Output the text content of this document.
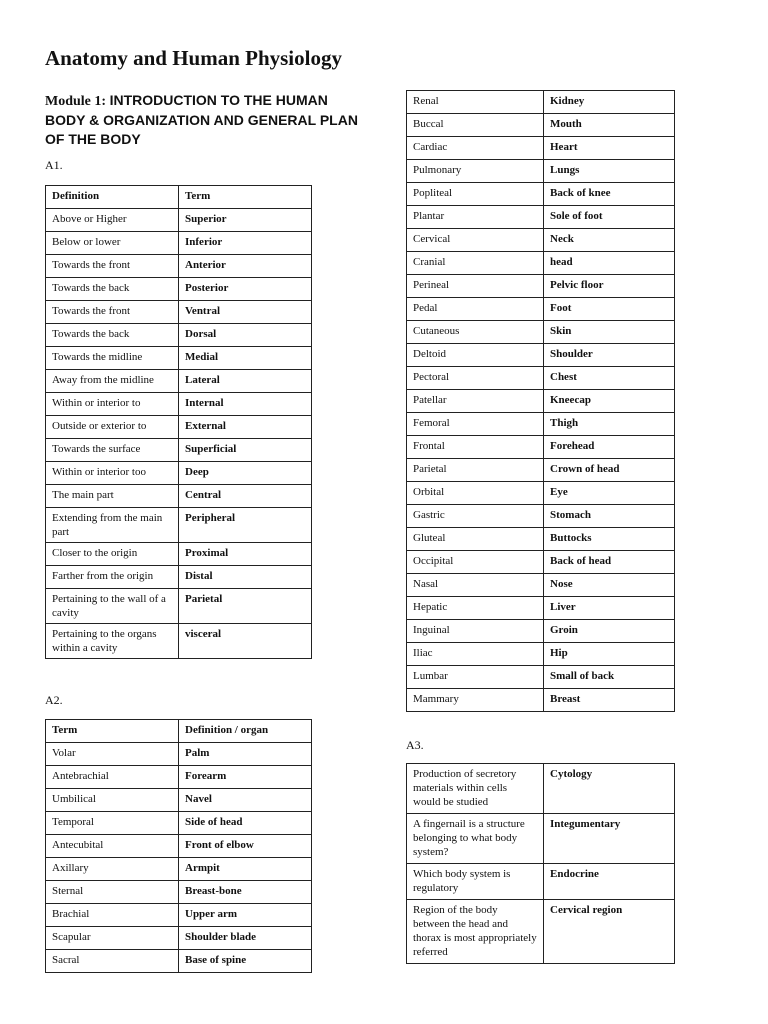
Anatomy and Human Physiology
Module 1: INTRODUCTION TO THE HUMAN BODY & ORGANIZATION AND GENERAL PLAN OF THE BODY
A1.
Definition	Term
Above or Higher	Superior
Below or lower	Inferior
Towards the front	Anterior
Towards the back	Posterior
Towards the front	Ventral
Towards the back	Dorsal
Towards the midline	Medial
Away from the midline	Lateral
Within or interior to	Internal
Outside or exterior to	External
Towards the surface	Superficial
Within or interior too	Deep
The main part	Central
Extending from the main part	Peripheral
Closer to the origin	Proximal
Farther from the origin	Distal
Pertaining to the wall of a cavity	Parietal
Pertaining to the organs within a cavity	visceral
A2.
Term	Definition / organ
Volar	Palm
Antebrachial	Forearm
Umbilical	Navel
Temporal	Side of head
Antecubital	Front of elbow
Axillary	Armpit
Sternal	Breast-bone
Brachial	Upper arm
Scapular	Shoulder blade
Sacral	Base of spine
Renal	Kidney
Buccal	Mouth
Cardiac	Heart
Pulmonary	Lungs
Popliteal	Back of knee
Plantar	Sole of foot
Cervical	Neck
Cranial	head
Perineal	Pelvic floor
Pedal	Foot
Cutaneous	Skin
Deltoid	Shoulder
Pectoral	Chest
Patellar	Kneecap
Femoral	Thigh
Frontal	Forehead
Parietal	Crown of head
Orbital	Eye
Gastric	Stomach
Gluteal	Buttocks
Occipital	Back of head
Nasal	Nose
Hepatic	Liver
Inguinal	Groin
Iliac	Hip
Lumbar	Small of back
Mammary	Breast
A3.
Production of secretory materials within cells would be studied	Cytology
A fingernail is a structure belonging to what body system?	Integumentary
Which body system is regulatory	Endocrine
Region of the body between the head and thorax is most appropriately referred	Cervical region
